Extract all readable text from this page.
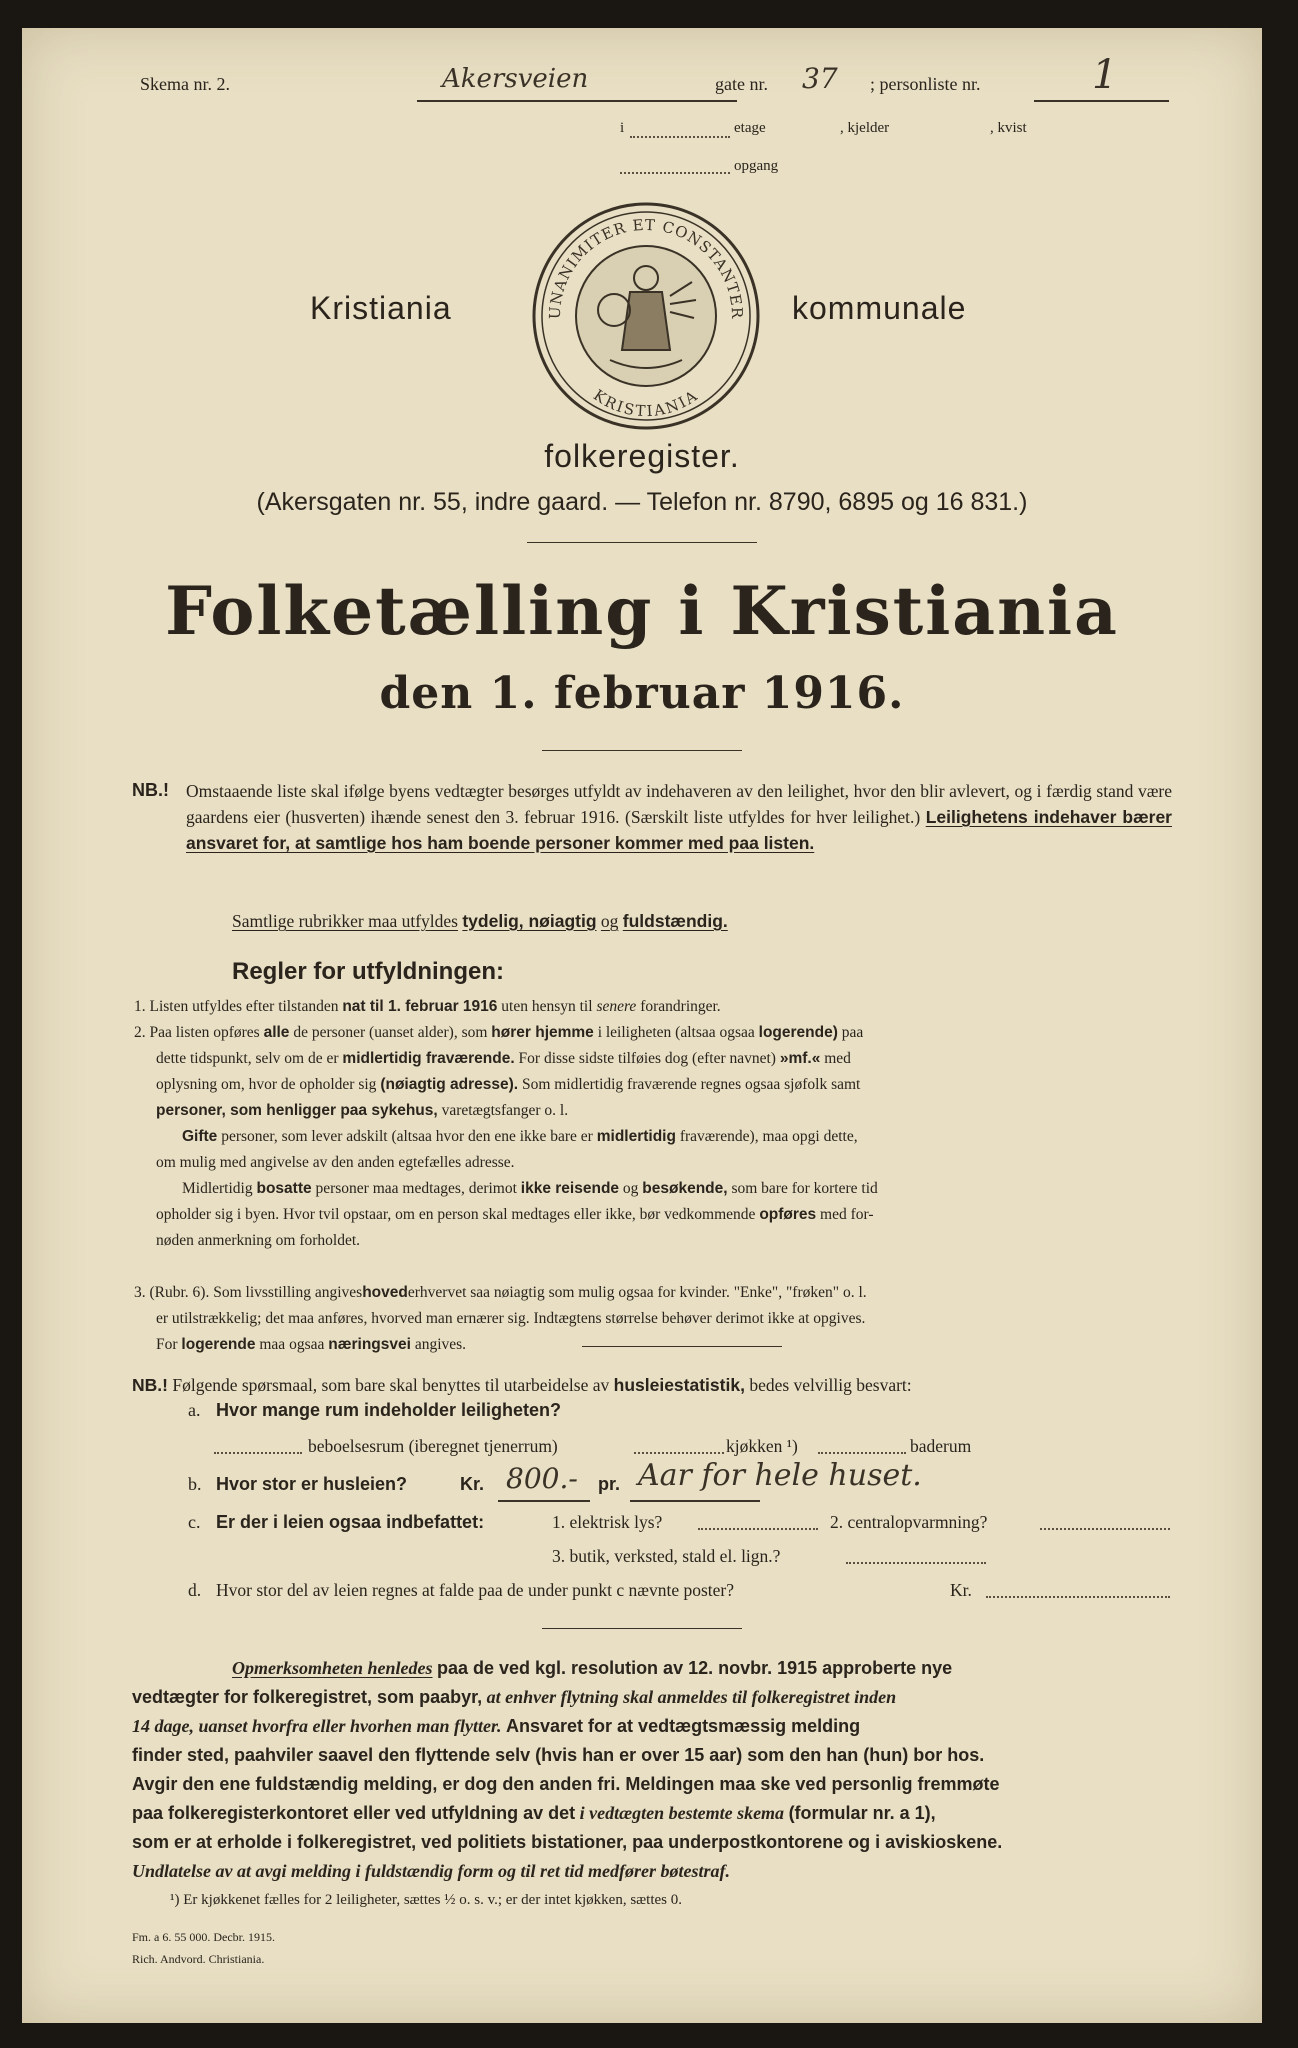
Skema nr. 2.	Akersveien	gate nr. 37 ; personliste nr.	1
i	etage	, kjelder	, kvist
opgang
Kristiania	UNANIMITER ET CONSTANTER
KRISTIANIA
kommunale
folkeregister.
(Akersgaten nr. 55, indre gaard. — Telefon nr. 8790, 6895 og 16 831.)
Folketælling i Kristiania
den 1. februar 1916.
NB.! Omstaaende liste skal ifølge byens vedtægter besørges utfyldt av indehaveren av den leilighet, hvor den blir avlevert, og i færdig stand være gaardens eier (husverten) ihænde senest den 3. februar 1916. (Særskilt liste utfyldes for hver leilighet.) Leilighetens indehaver bærer ansvaret for, at samtlige hos ham boende personer kommer med paa listen.
Samtlige rubrikker maa utfyldes tydelig, nøiagtig og fuldstændig.
Regler for utfyldningen:
1. Listen utfyldes efter tilstanden nat til 1. februar 1916 uten hensyn til senere forandringer.
2. Paa listen opføres alle de personer (uanset alder), som hører hjemme i leiligheten (altsaa ogsaa logerende) paa
dette tidspunkt, selv om de er midlertidig fraværende. For disse sidste tilføies dog (efter navnet) »mf.« med
oplysning om, hvor de opholder sig (nøiagtig adresse). Som midlertidig fraværende regnes ogsaa sjøfolk samt
personer, som henligger paa sykehus, varetægtsfanger o. l.
Gifte personer, som lever adskilt (altsaa hvor den ene ikke bare er midlertidig fraværende), maa opgi dette,
om mulig med angivelse av den anden egtefælles adresse.
Midlertidig bosatte personer maa medtages, derimot ikke reisende og besøkende, som bare for kortere tid
opholder sig i byen. Hvor tvil opstaar, om en person skal medtages eller ikke, bør vedkommende opføres med for-
nøden anmerkning om forholdet.
3. (Rubr. 6). Som livsstilling angiveshovederhvervet saa nøiagtig som mulig ogsaa for kvinder. "Enke", "frøken" o. l.
er utilstrækkelig; det maa anføres, hvorved man ernærer sig. Indtægtens størrelse behøver derimot ikke at opgives.
For logerende maa ogsaa næringsvei angives.
NB.! Følgende spørsmaal, som bare skal benyttes til utarbeidelse av husleiestatistik, bedes velvillig besvart:
a. Hvor mange rum indeholder leiligheten?
beboelsesrum (iberegnet tjenerrum)	kjøkken ¹)	baderum
b. Hvor stor er husleien?	Kr. 800.- pr. Aar for hele huset.
c. Er der i leien ogsaa indbefattet:	1. elektrisk lys?	2. centralopvarmning?
3. butik, verksted, stald el. lign.?
d. Hvor stor del av leien regnes at falde paa de under punkt c nævnte poster?	Kr.
Opmerksomheten henledes paa de ved kgl. resolution av 12. novbr. 1915 approberte nye
vedtægter for folkeregistret, som paabyr, at enhver flytning skal anmeldes til folkeregistret inden
14 dage, uanset hvorfra eller hvorhen man flytter. Ansvaret for at vedtægtsmæssig melding
finder sted, paahviler saavel den flyttende selv (hvis han er over 15 aar) som den han (hun) bor hos.
Avgir den ene fuldstændig melding, er dog den anden fri. Meldingen maa ske ved personlig fremmøte
paa folkeregisterkontoret eller ved utfyldning av det i vedtægten bestemte skema (formular nr. a 1),
som er at erholde i folkeregistret, ved politiets bistationer, paa underpostkontorene og i aviskioskene.
Undlatelse av at avgi melding i fuldstændig form og til ret tid medfører bøtestraf.
¹) Er kjøkkenet fælles for 2 leiligheter, sættes ½ o. s. v.; er der intet kjøkken, sættes 0.
Fm. a 6. 55 000. Decbr. 1915.
Rich. Andvord. Christiania.
